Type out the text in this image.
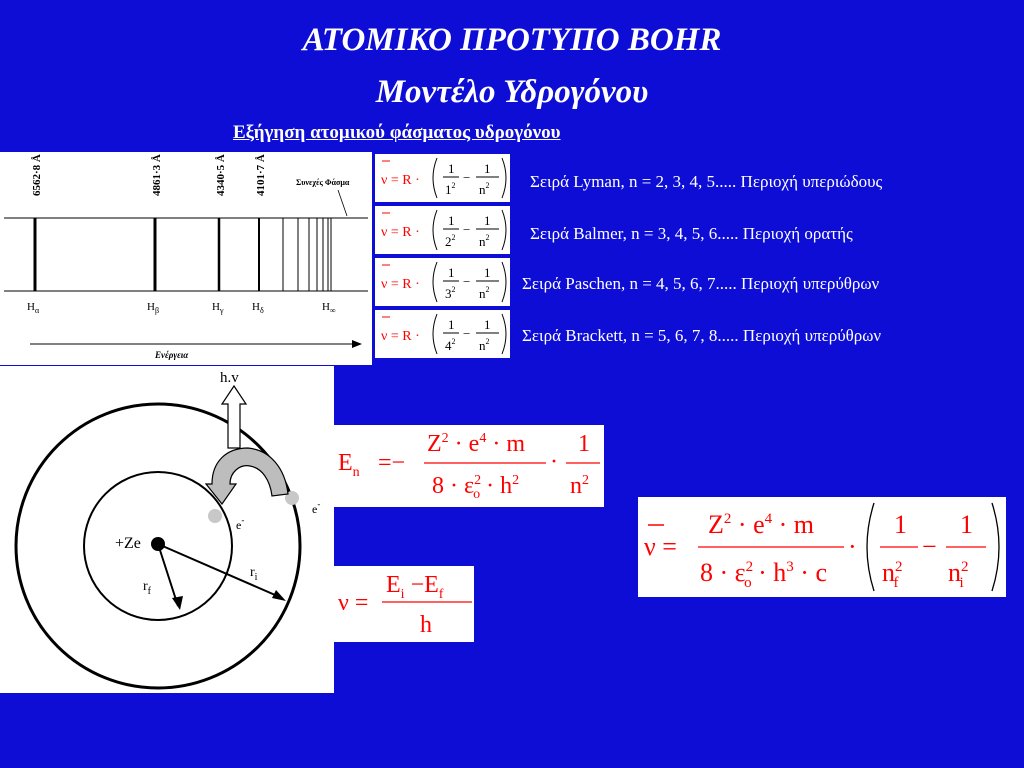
ΑΤΟΜΙΚΟ ΠΡΟΤΥΠΟ BOHR
Μοντέλο Υδρογόνου
Εξήγηση ατομικού φάσματος υδρογόνου
6562·8 Å	4861·3 Å	4340·5 Å	4101·7 Å	Συνεχές Φάσμα
$H_\alpha$	$H_\beta$	$H_\gamma$	$H_\delta$	$H_\infty$
Ενέργεια
ν = R ·
1
$1^2$
−
1
$n^2$ Σειρά Lyman, n = 2, 3, 4, 5..... Περιοχή υπεριώδους
ν = R ·
1
$2^2$
−
1
$n^2$ Σειρά Balmer, n = 3, 4, 5, 6..... Περιοχή ορατής
ν = R ·
1
$3^2$
−
1
$n^2$ Σειρά Paschen, n = 4, 5, 6, 7..... Περιοχή υπερύθρων
ν = R ·
1
$4^2$
−
1
$n^2$ Σειρά Brackett, n = 5, 6, 7, 8..... Περιοχή υπερύθρων
+Ze
$r_f$
$r_i$
e-
e-
h.v
$E_n$ =−
$Z^2 \cdot e^4 \cdot m$
$8 \cdot \varepsilon^2$ $o \cdot h^2$
·
1
$n^2$
ν =
$E_i -E_f$
h
ν =
$Z^2 \cdot e^4 \cdot m$
$8 \cdot \varepsilon^2$ $o \cdot h^3 \cdot c$
·
1
$n^2$ f
−
1
$n^2$ i
